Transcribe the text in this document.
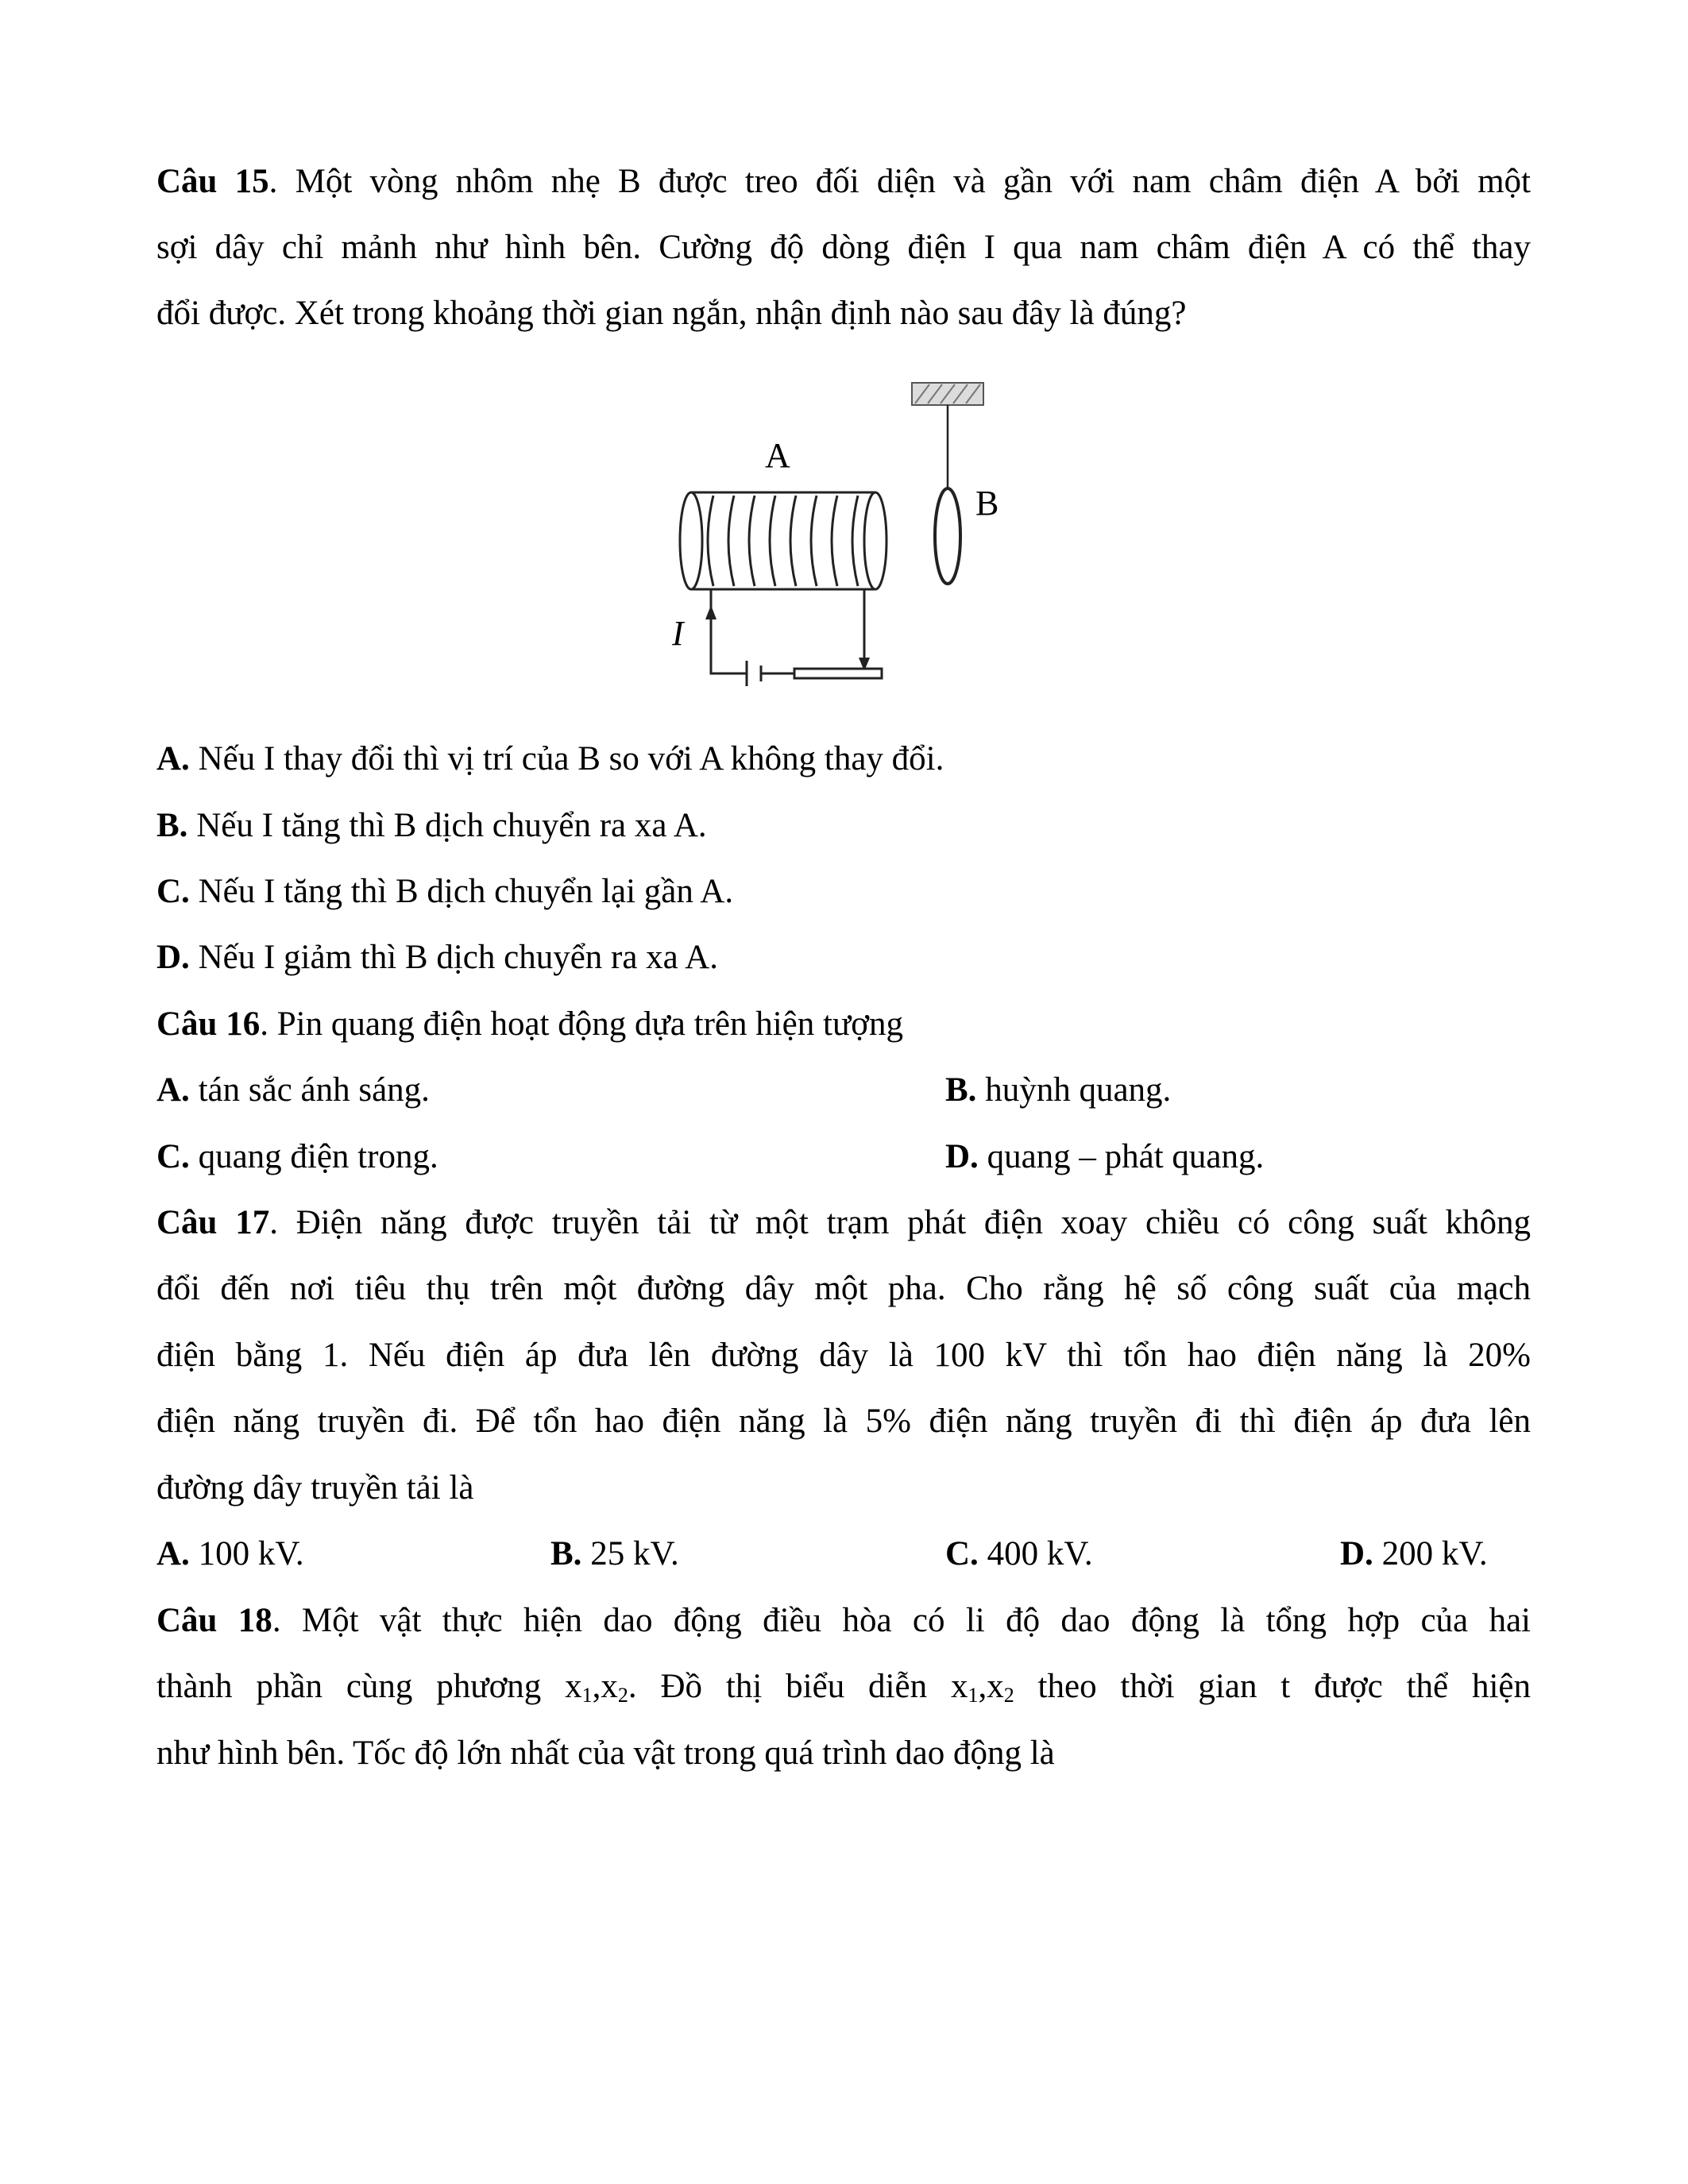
Câu 15. Một vòng nhôm nhẹ B được treo đối diện và gần với nam châm điện A bởi một
sợi dây chỉ mảnh như hình bên. Cường độ dòng điện I qua nam châm điện A có thể thay
đổi được. Xét trong khoảng thời gian ngắn, nhận định nào sau đây là đúng?
B
A
I
A. Nếu I thay đổi thì vị trí của B so với A không thay đổi.
B. Nếu I tăng thì B dịch chuyển ra xa A.
C. Nếu I tăng thì B dịch chuyển lại gần A.
D. Nếu I giảm thì B dịch chuyển ra xa A.
Câu 16. Pin quang điện hoạt động dựa trên hiện tượng
A. tán sắc ánh sáng.	B. huỳnh quang.
C. quang điện trong.	D. quang – phát quang.
Câu 17. Điện năng được truyền tải từ một trạm phát điện xoay chiều có công suất không
đổi đến nơi tiêu thụ trên một đường dây một pha. Cho rằng hệ số công suất của mạch
điện bằng 1. Nếu điện áp đưa lên đường dây là 100 kV thì tổn hao điện năng là 20%
điện năng truyền đi. Để tổn hao điện năng là 5% điện năng truyền đi thì điện áp đưa lên
đường dây truyền tải là
A. 100 kV.	B. 25 kV.	C. 400 kV.	D. 200 kV.
Câu 18. Một vật thực hiện dao động điều hòa có li độ dao động là tổng hợp của hai
thành phần cùng phương $x_1,x_2$. Đồ thị biểu diễn $x_1,x_2$ theo thời gian t được thể hiện
như hình bên. Tốc độ lớn nhất của vật trong quá trình dao động là
